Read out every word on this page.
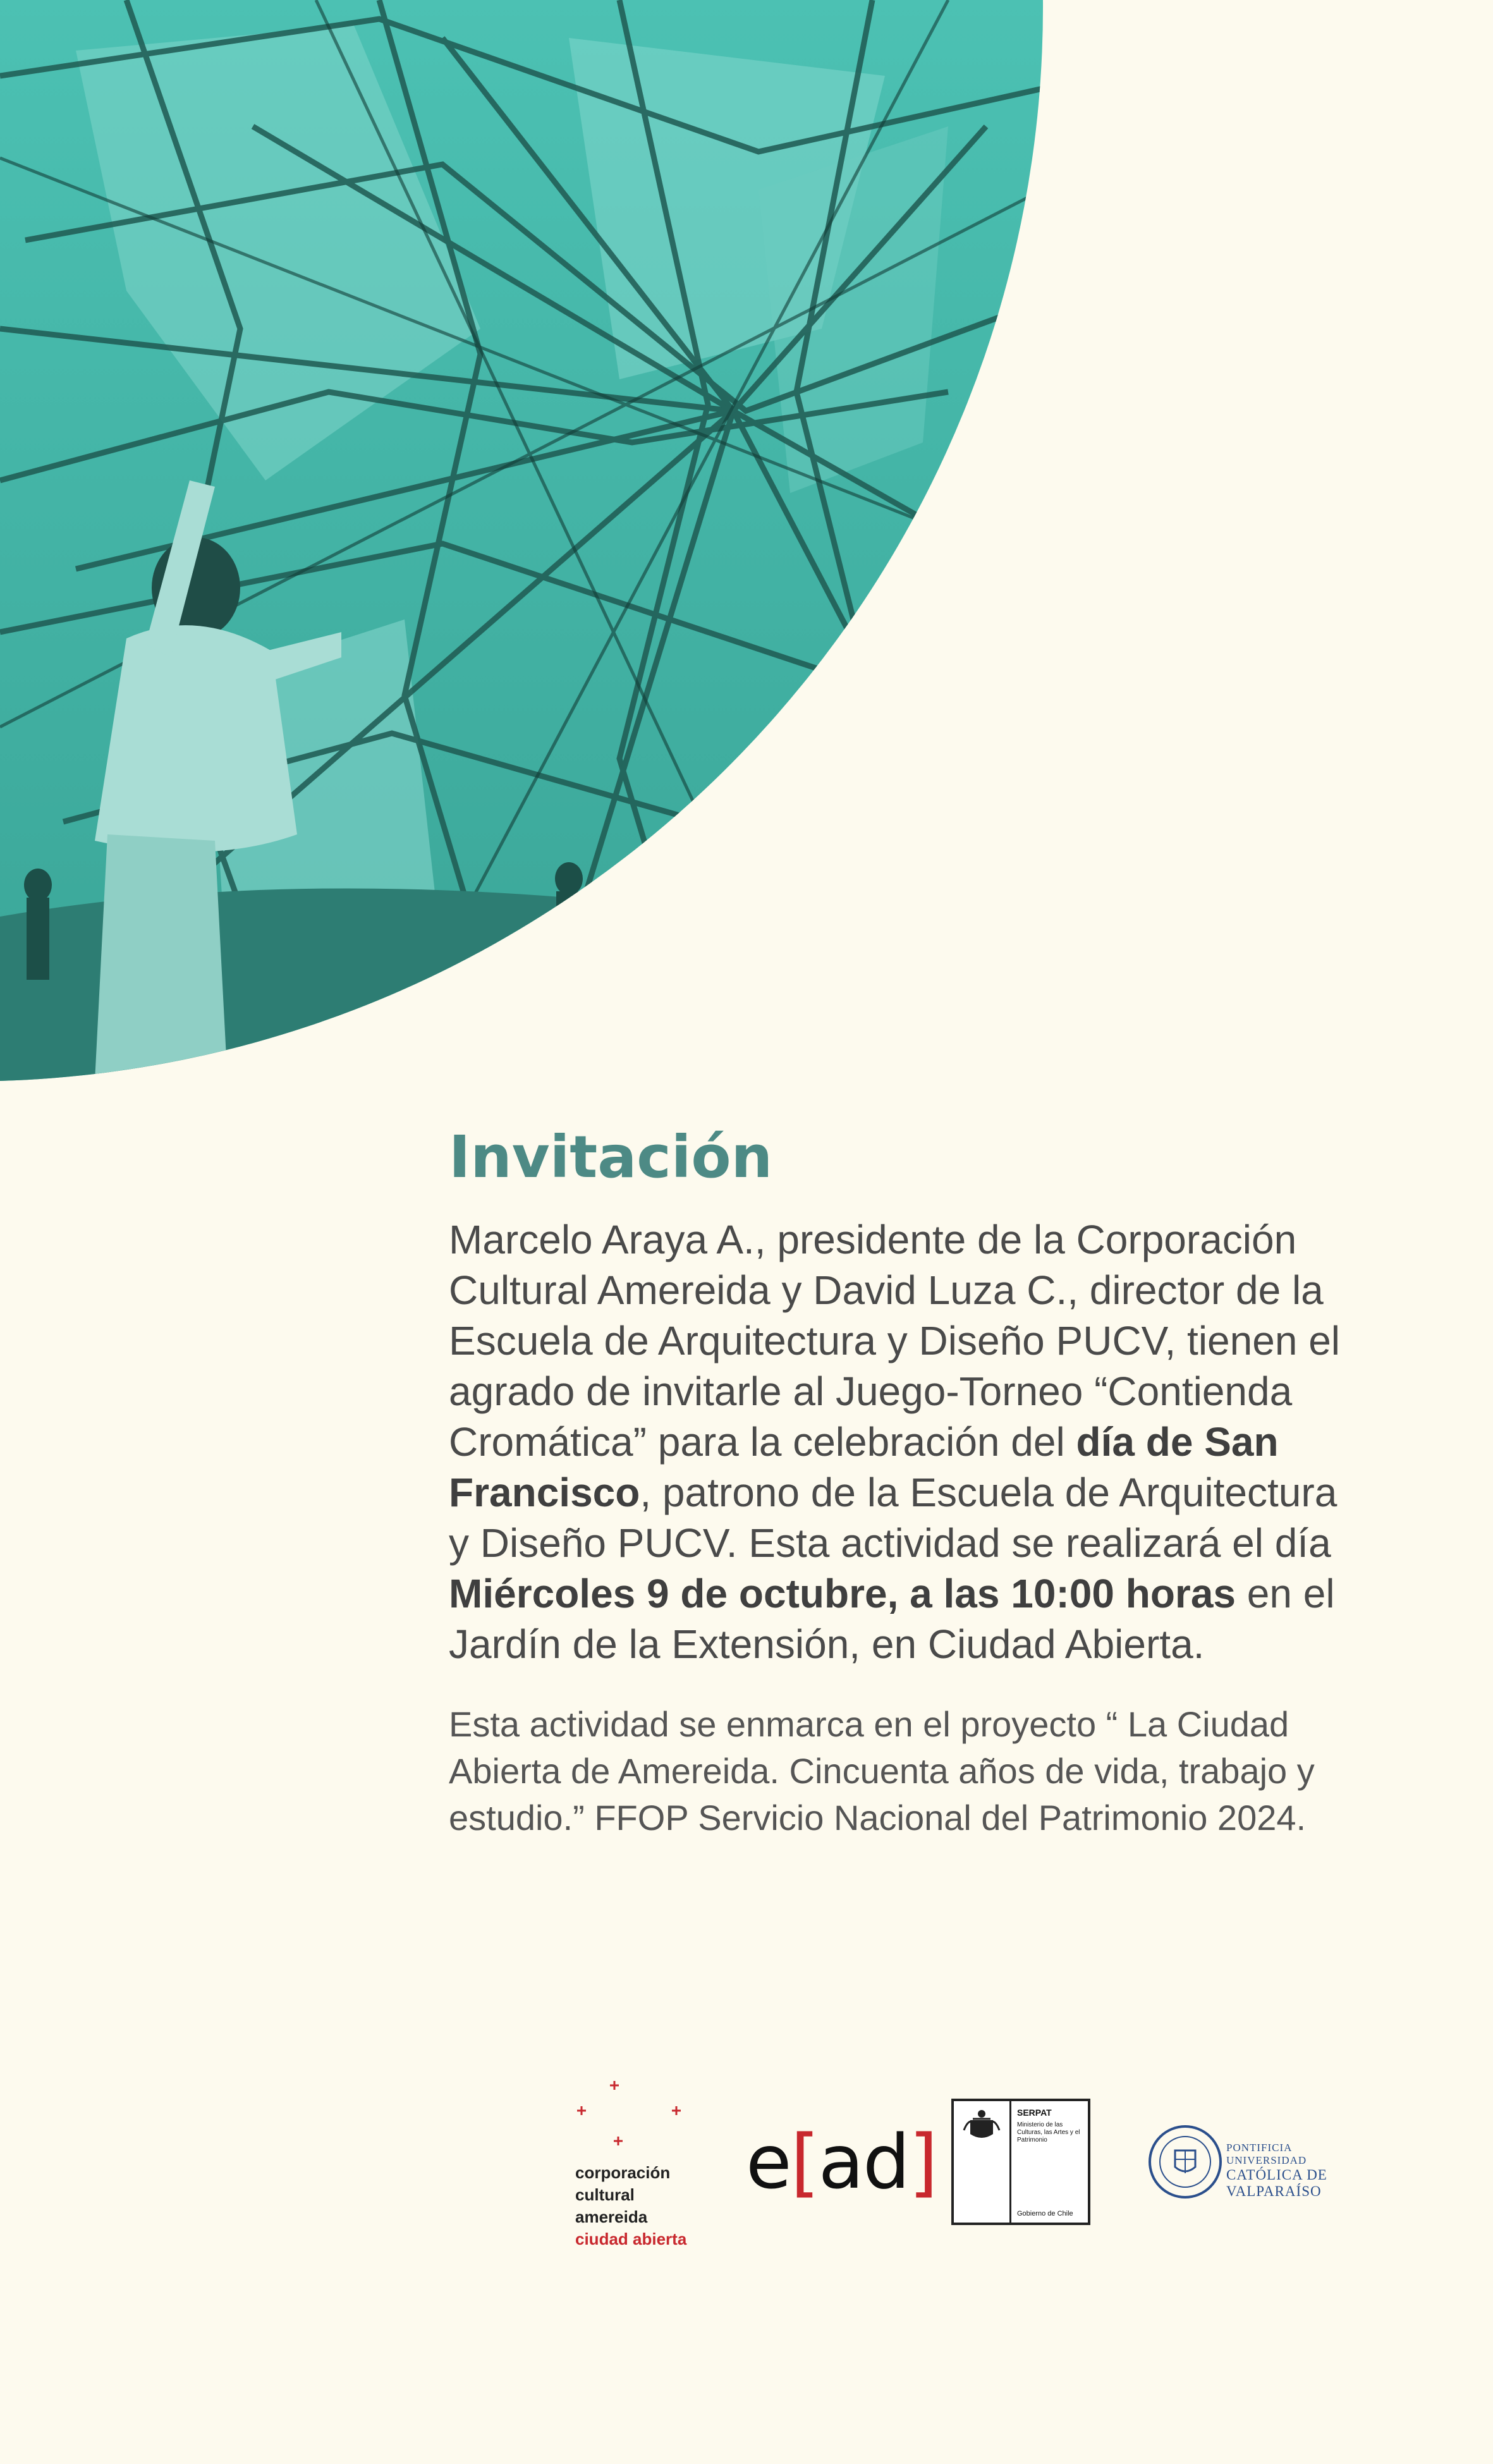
Invitación

Marcelo Araya A., presidente de la Corporación Cultural Amereida y David Luza C., director de la Escuela de Arquitectura y Diseño PUCV, tienen el agrado de invitarle al Juego-Torneo “Contienda Cromática” para la celebración del día de San Francisco, patrono de la Escuela de Arquitectura y Diseño PUCV. Esta actividad se realizará el día Miércoles 9 de octubre, a las 10:00 horas en el Jardín de la Extensión, en Ciudad Abierta.

Esta actividad se enmarca en el proyecto “ La Ciudad Abierta de Amereida. Cincuenta años de vida, trabajo y estudio.” FFOP Servicio Nacional del Patrimonio 2024.

corporación
cultural
amereida
ciudad abierta
e[ad]
SERPAT
Ministerio de las Culturas, las Artes y el Patrimonio
Gobierno de Chile
PONTIFICIA
UNIVERSIDAD
CATÓLICA DE
VALPARAÍSO
